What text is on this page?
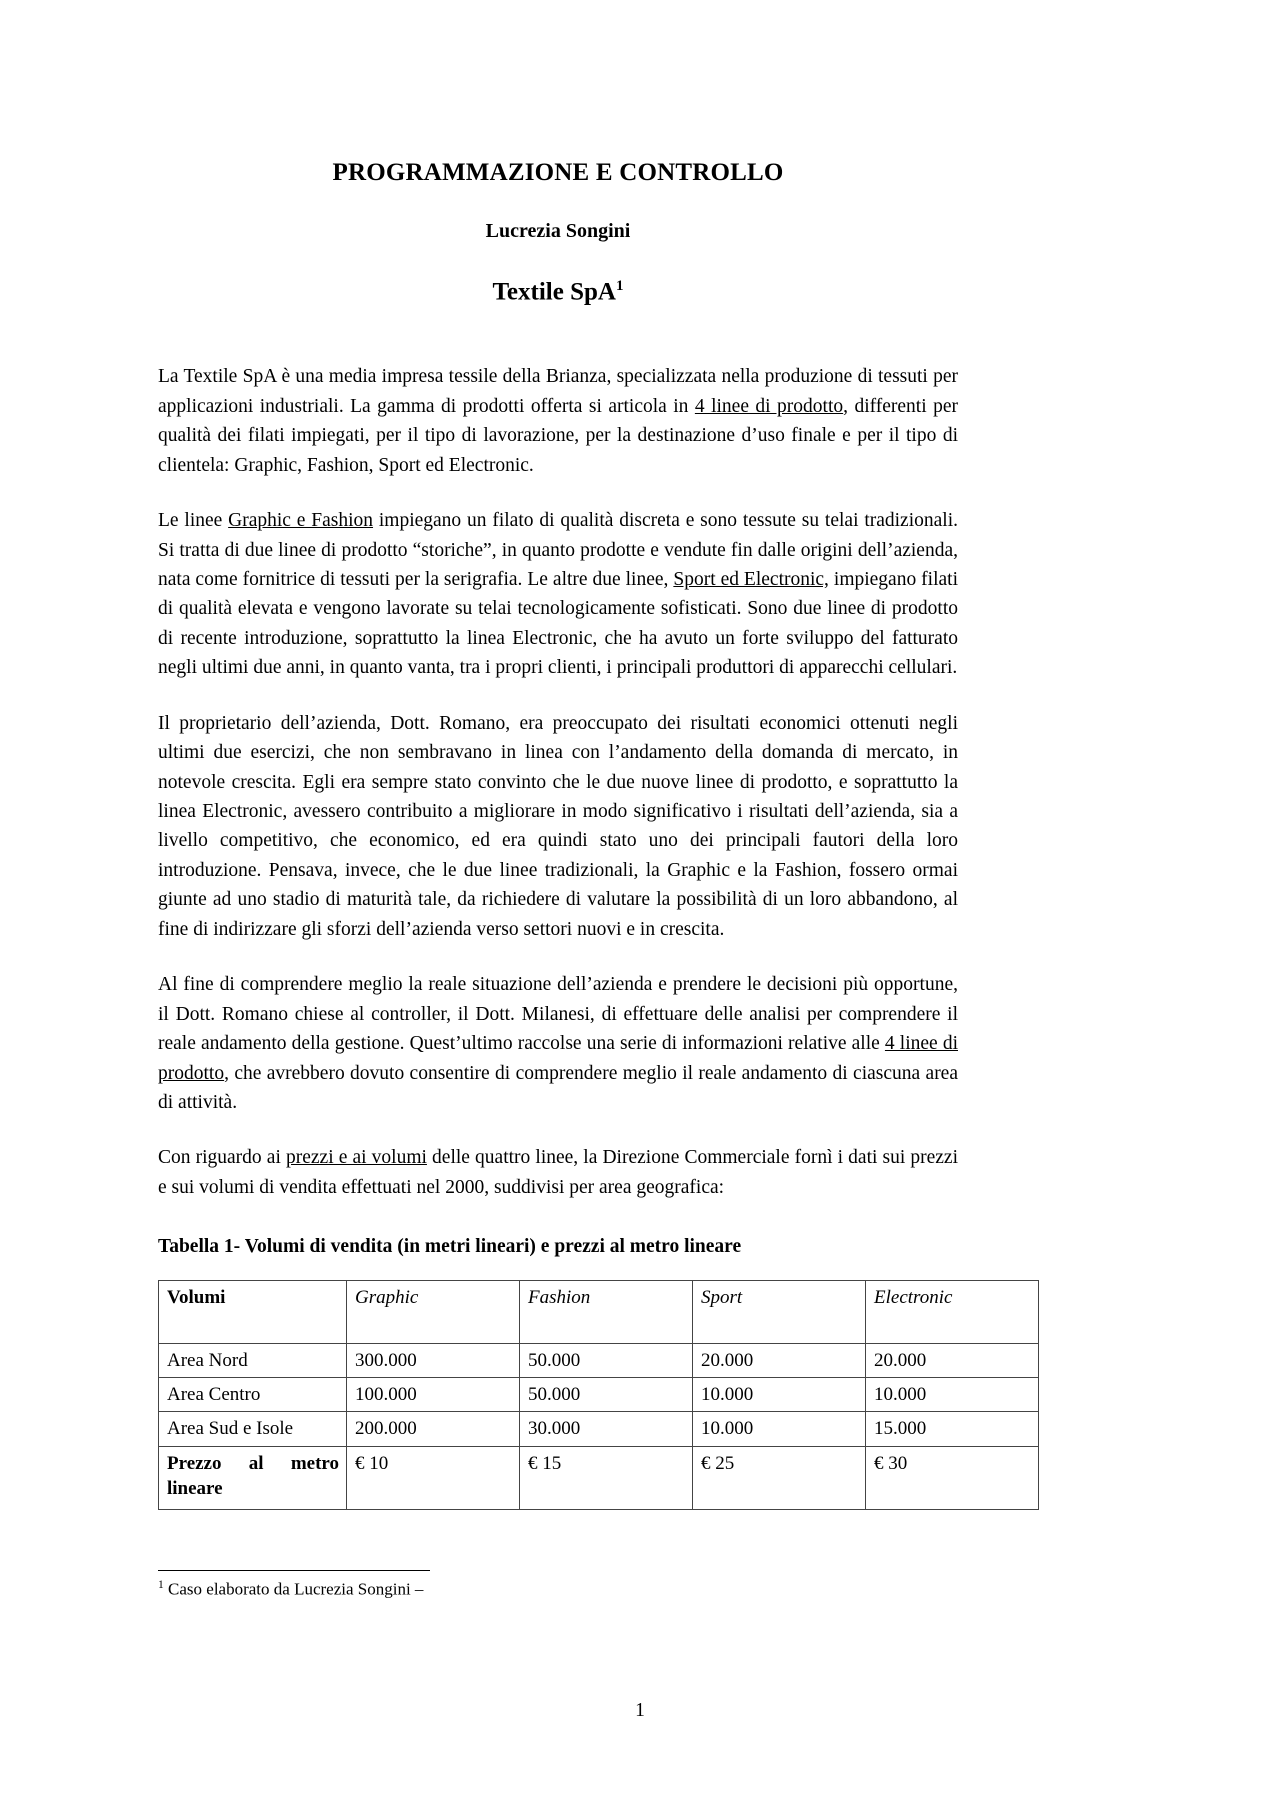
PROGRAMMAZIONE E CONTROLLO
Lucrezia Songini
Textile SpA$^1$

La Textile SpA è una media impresa tessile della Brianza, specializzata nella produzione di tessuti per applicazioni industriali. La gamma di prodotti offerta si articola in 4 linee di prodotto, differenti per qualità dei filati impiegati, per il tipo di lavorazione, per la destinazione d’uso finale e per il tipo di clientela: Graphic, Fashion, Sport ed Electronic.

Le linee Graphic e Fashion impiegano un filato di qualità discreta e sono tessute su telai tradizionali. Si tratta di due linee di prodotto “storiche”, in quanto prodotte e vendute fin dalle origini dell’azienda, nata come fornitrice di tessuti per la serigrafia. Le altre due linee, Sport ed Electronic, impiegano filati di qualità elevata e vengono lavorate su telai tecnologicamente sofisticati. Sono due linee di prodotto di recente introduzione, soprattutto la linea Electronic, che ha avuto un forte sviluppo del fatturato negli ultimi due anni, in quanto vanta, tra i propri clienti, i principali produttori di apparecchi cellulari.

Il proprietario dell’azienda, Dott. Romano, era preoccupato dei risultati economici ottenuti negli ultimi due esercizi, che non sembravano in linea con l’andamento della domanda di mercato, in notevole crescita. Egli era sempre stato convinto che le due nuove linee di prodotto, e soprattutto la linea Electronic, avessero contribuito a migliorare in modo significativo i risultati dell’azienda, sia a livello competitivo, che economico, ed era quindi stato uno dei principali fautori della loro introduzione. Pensava, invece, che le due linee tradizionali, la Graphic e la Fashion, fossero ormai giunte ad uno stadio di maturità tale, da richiedere di valutare la possibilità di un loro abbandono, al fine di indirizzare gli sforzi dell’azienda verso settori nuovi e in crescita.

Al fine di comprendere meglio la reale situazione dell’azienda e prendere le decisioni più opportune, il Dott. Romano chiese al controller, il Dott. Milanesi, di effettuare delle analisi per comprendere il reale andamento della gestione. Quest’ultimo raccolse una serie di informazioni relative alle 4 linee di prodotto, che avrebbero dovuto consentire di comprendere meglio il reale andamento di ciascuna area di attività.

Con riguardo ai prezzi e ai volumi delle quattro linee, la Direzione Commerciale fornì i dati sui prezzi e sui volumi di vendita effettuati nel 2000, suddivisi per area geografica:

Tabella 1- Volumi di vendita (in metri lineari) e prezzi al metro lineare
Volumi	Graphic	Fashion	Sport	Electronic
Area Nord	300.000	50.000	20.000	20.000
Area Centro	100.000	50.000	10.000	10.000
Area Sud e Isole	200.000	30.000	10.000	15.000
Prezzo al metro lineare	€ 10	€ 15	€ 25	€ 30

$^1$ Caso elaborato da Lucrezia Songini –

1
